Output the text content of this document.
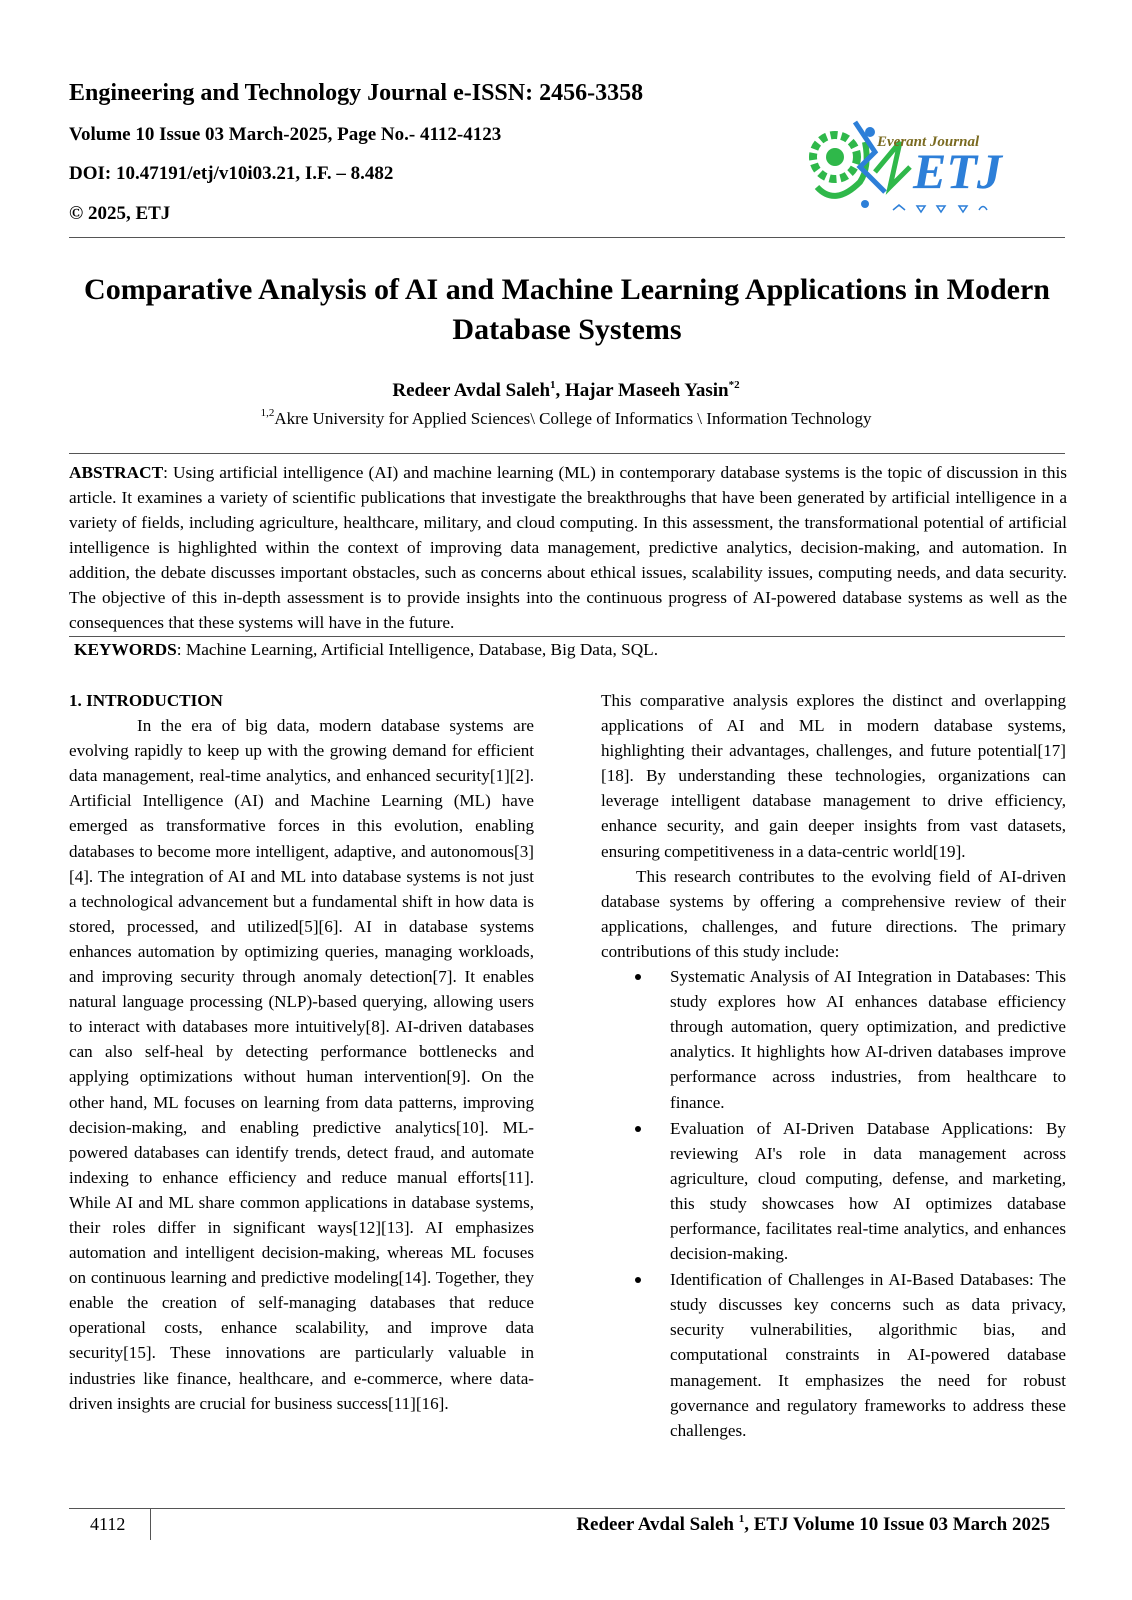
Engineering and Technology Journal e-ISSN: 2456-3358

Volume 10 Issue 03 March-2025, Page No.- 4112-4123

DOI: 10.47191/etj/v10i03.21, I.F. – 8.482

© 2025, ETJ

Everant Journal
ETJ
Comparative Analysis of AI and Machine Learning Applications in Modern Database Systems
Redeer Avdal Saleh$^1$, Hajar Maseeh Yasin$^{*2}$
$^{1,2}$Akre University for Applied Sciences\ College of Informatics \ Information Technology

ABSTRACT: Using artificial intelligence (AI) and machine learning (ML) in contemporary database systems is the topic of discussion in this article. It examines a variety of scientific publications that investigate the breakthroughs that have been generated by artificial intelligence in a variety of fields, including agriculture, healthcare, military, and cloud computing. In this assessment, the transformational potential of artificial intelligence is highlighted within the context of improving data management, predictive analytics, decision-making, and automation. In addition, the debate discusses important obstacles, such as concerns about ethical issues, scalability issues, computing needs, and data security. The objective of this in-depth assessment is to provide insights into the continuous progress of AI-powered database systems as well as the consequences that these systems will have in the future.

KEYWORDS: Machine Learning, Artificial Intelligence, Database, Big Data, SQL.

1. INTRODUCTION

In the era of big data, modern database systems are evolving rapidly to keep up with the growing demand for efficient data management, real-time analytics, and enhanced security[1][2]. Artificial Intelligence (AI) and Machine Learning (ML) have emerged as transformative forces in this evolution, enabling databases to become more intelligent, adaptive, and autonomous[3][4]. The integration of AI and ML into database systems is not just a technological advancement but a fundamental shift in how data is stored, processed, and utilized[5][6]. AI in database systems enhances automation by optimizing queries, managing workloads, and improving security through anomaly detection[7]. It enables natural language processing (NLP)-based querying, allowing users to interact with databases more intuitively[8]. AI-driven databases can also self-heal by detecting performance bottlenecks and applying optimizations without human intervention[9]. On the other hand, ML focuses on learning from data patterns, improving decision-making, and enabling predictive analytics[10]. ML-powered databases can identify trends, detect fraud, and automate indexing to enhance efficiency and reduce manual efforts[11]. While AI and ML share common applications in database systems, their roles differ in significant ways[12][13]. AI emphasizes automation and intelligent decision-making, whereas ML focuses on continuous learning and predictive modeling[14]. Together, they enable the creation of self-managing databases that reduce operational costs, enhance scalability, and improve data security[15]. These innovations are particularly valuable in industries like finance, healthcare, and e-commerce, where data-driven insights are crucial for business success[11][16].

This comparative analysis explores the distinct and overlapping applications of AI and ML in modern database systems, highlighting their advantages, challenges, and future potential[17][18]. By understanding these technologies, organizations can leverage intelligent database management to drive efficiency, enhance security, and gain deeper insights from vast datasets, ensuring competitiveness in a data-centric world[19].

This research contributes to the evolving field of AI-driven database systems by offering a comprehensive review of their applications, challenges, and future directions. The primary contributions of this study include:

Systematic Analysis of AI Integration in Databases: This study explores how AI enhances database efficiency through automation, query optimization, and predictive analytics. It highlights how AI-driven databases improve performance across industries, from healthcare to finance.
Evaluation of AI-Driven Database Applications: By reviewing AI's role in data management across agriculture, cloud computing, defense, and marketing, this study showcases how AI optimizes database performance, facilitates real-time analytics, and enhances decision-making.
Identification of Challenges in AI-Based Databases: The study discusses key concerns such as data privacy, security vulnerabilities, algorithmic bias, and computational constraints in AI-powered database management. It emphasizes the need for robust governance and regulatory frameworks to address these challenges.
4112	Redeer Avdal Saleh $^1$, ETJ Volume 10 Issue 03 March 2025
